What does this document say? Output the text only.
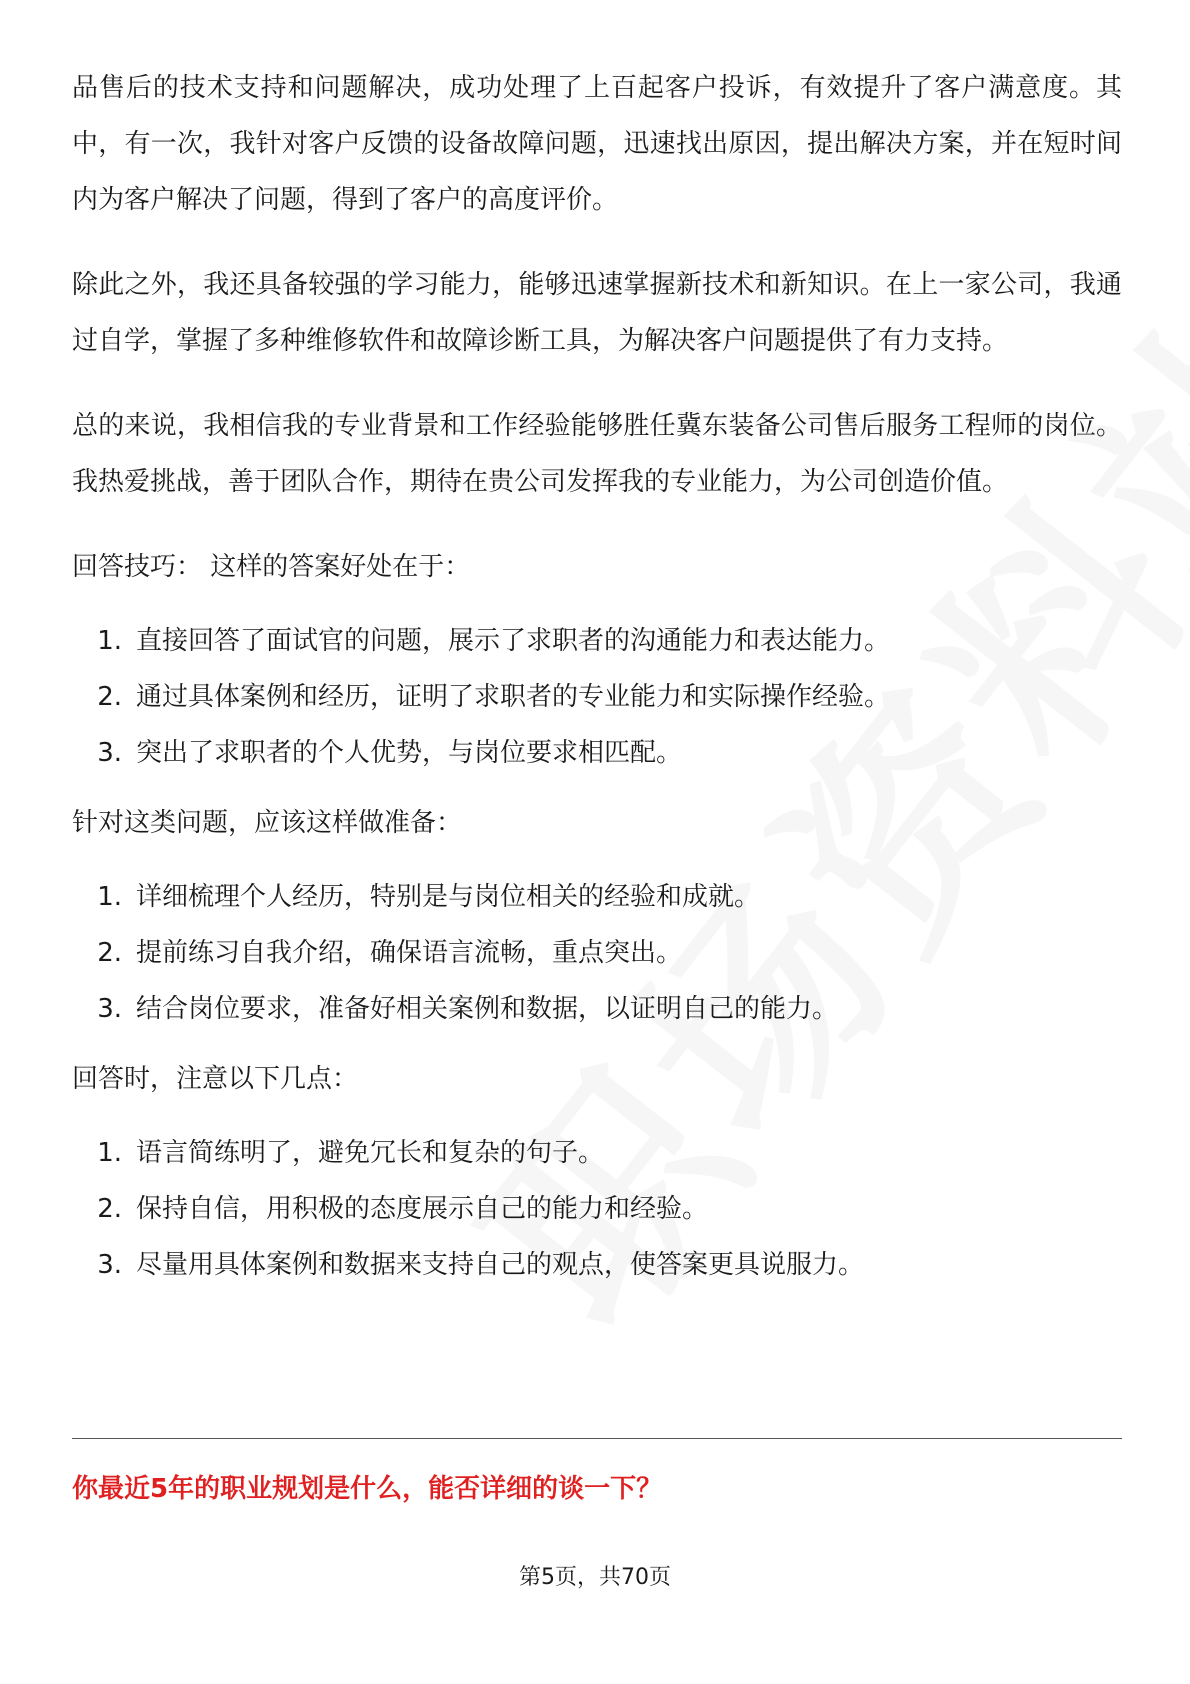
品售后的技术支持和问题解决，成功处理了上百起客户投诉，有效提升了客户满意度。其中，有一次，我针对客户反馈的设备故障问题，迅速找出原因，提出解决方案，并在短时间内为客户解决了问题，得到了客户的高度评价。

除此之外，我还具备较强的学习能力，能够迅速掌握新技术和新知识。在上一家公司，我通过自学，掌握了多种维修软件和故障诊断工具，为解决客户问题提供了有力支持。

总的来说，我相信我的专业背景和工作经验能够胜任冀东装备公司售后服务工程师的岗位。我热爱挑战，善于团队合作，期待在贵公司发挥我的专业能力，为公司创造价值。

回答技巧： 这样的答案好处在于：

1. 直接回答了面试官的问题，展示了求职者的沟通能力和表达能力。
2. 通过具体案例和经历，证明了求职者的专业能力和实际操作经验。
3. 突出了求职者的个人优势，与岗位要求相匹配。

针对这类问题，应该这样做准备：

1. 详细梳理个人经历，特别是与岗位相关的经验和成就。
2. 提前练习自我介绍，确保语言流畅，重点突出。
3. 结合岗位要求，准备好相关案例和数据，以证明自己的能力。

回答时，注意以下几点：

1. 语言简练明了，避免冗长和复杂的句子。
2. 保持自信，用积极的态度展示自己的能力和经验。
3. 尽量用具体案例和数据来支持自己的观点，使答案更具说服力。
你最近5年的职业规划是什么，能否详细的谈一下？
第5页，共70页
